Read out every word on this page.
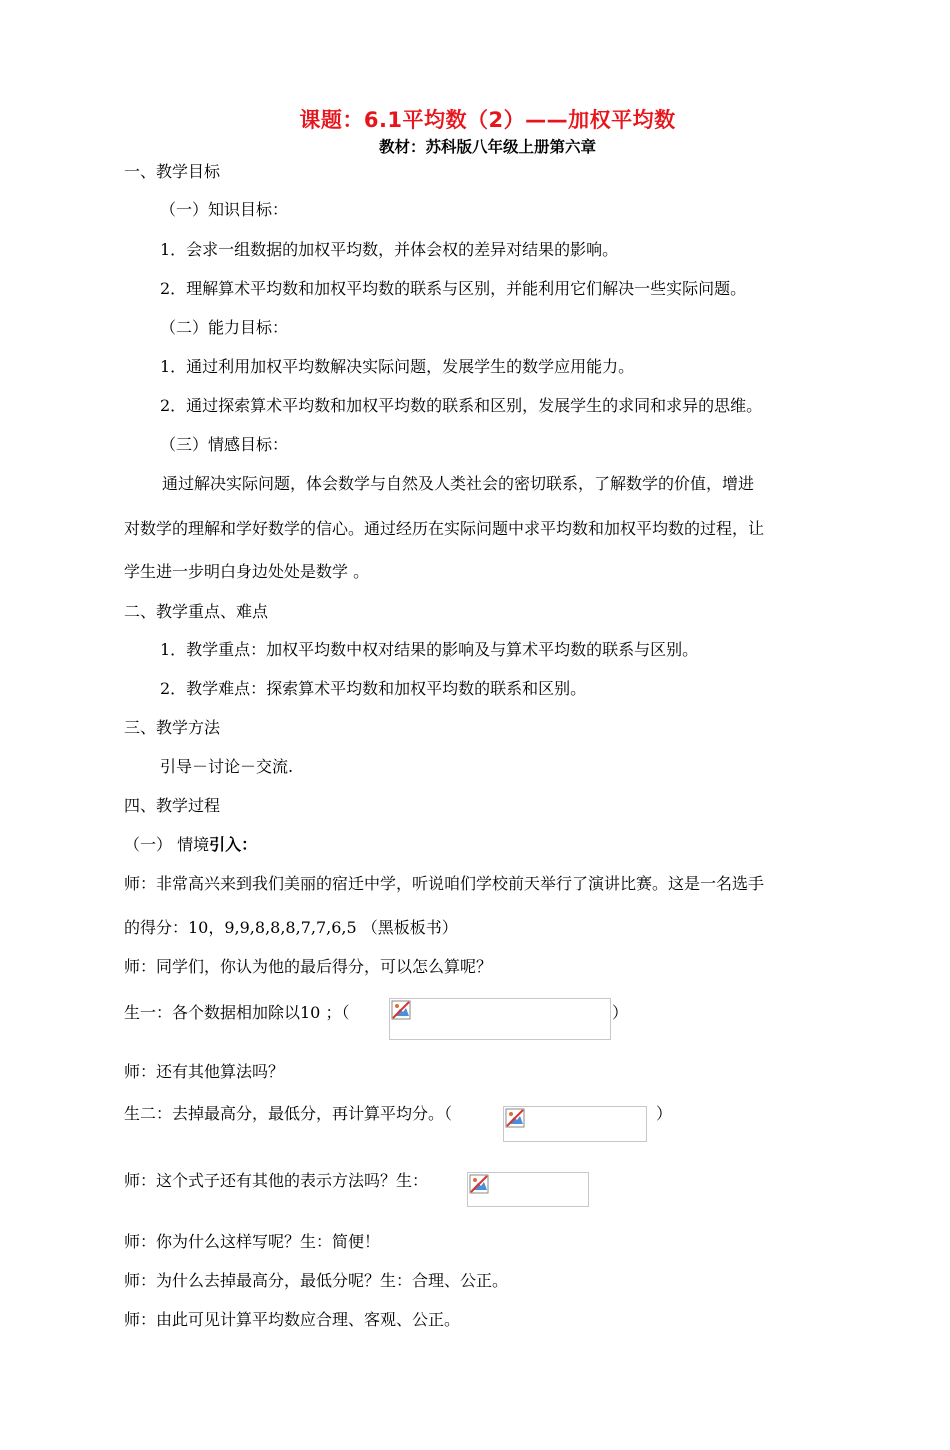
课题：6.1平均数（2）——加权平均数
教材：苏科版八年级上册第六章
一、教学目标
（一）知识目标：
1．会求一组数据的加权平均数，并体会权的差异对结果的影响。
2．理解算术平均数和加权平均数的联系与区别，并能利用它们解决一些实际问题。
（二）能力目标：
1．通过利用加权平均数解决实际问题，发展学生的数学应用能力。
2．通过探索算术平均数和加权平均数的联系和区别，发展学生的求同和求异的思维。
（三）情感目标：
通过解决实际问题，体会数学与自然及人类社会的密切联系，了解数学的价值，增进
对数学的理解和学好数学的信心。通过经历在实际问题中求平均数和加权平均数的过程，让
学生进一步明白身边处处是数学 。
二、教学重点、难点
1．教学重点：加权平均数中权对结果的影响及与算术平均数的联系与区别。
2．教学难点：探索算术平均数和加权平均数的联系和区别。
三、教学方法
引导－讨论－交流.
四、教学过程
（一） 情境引入：
师：非常高兴来到我们美丽的宿迁中学，听说咱们学校前天举行了演讲比赛。这是一名选手
的得分：10，9,9,8,8,8,7,7,6,5 （黑板板书）
师：同学们，你认为他的最后得分，可以怎么算呢？
生一：各个数据相加除以10 ；（	）
师：还有其他算法吗？
生二：去掉最高分，最低分，再计算平均分。（	）
师：这个式子还有其他的表示方法吗？生：
师：你为什么这样写呢？生：简便！
师：为什么去掉最高分，最低分呢？生：合理、公正。
师：由此可见计算平均数应合理、客观、公正。
